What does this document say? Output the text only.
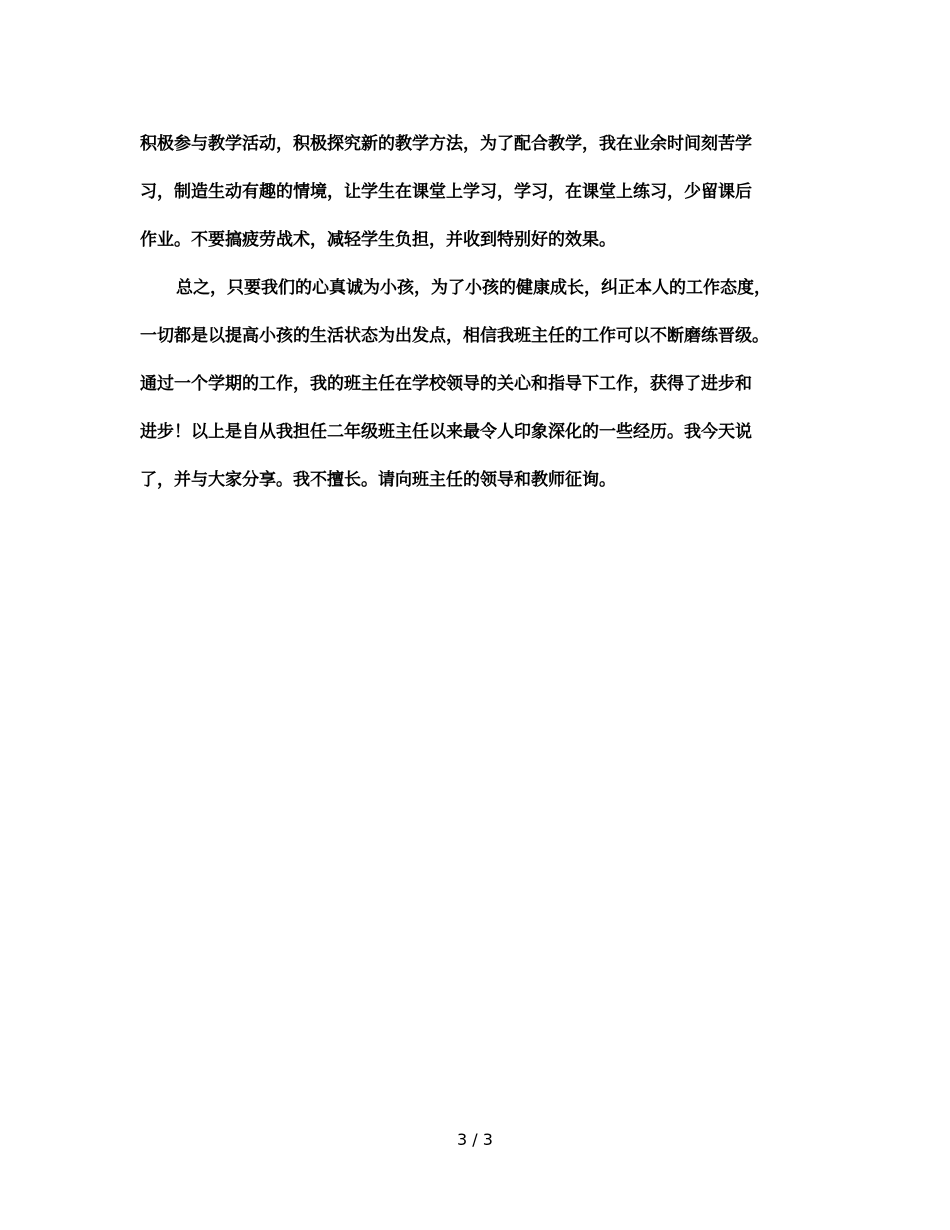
积极参与教学活动，积极探究新的教学方法，为了配合教学，我在业余时间刻苦学
习，制造生动有趣的情境，让学生在课堂上学习，学习，在课堂上练习，少留课后
作业。不要搞疲劳战术，减轻学生负担，并收到特别好的效果。
总之，只要我们的心真诚为小孩，为了小孩的健康成长，纠正本人的工作态度，
一切都是以提高小孩的生活状态为出发点，相信我班主任的工作可以不断磨练晋级。
通过一个学期的工作，我的班主任在学校领导的关心和指导下工作，获得了进步和
进步！以上是自从我担任二年级班主任以来最令人印象深化的一些经历。我今天说
了，并与大家分享。我不擅长。请向班主任的领导和教师征询。
3 / 3
